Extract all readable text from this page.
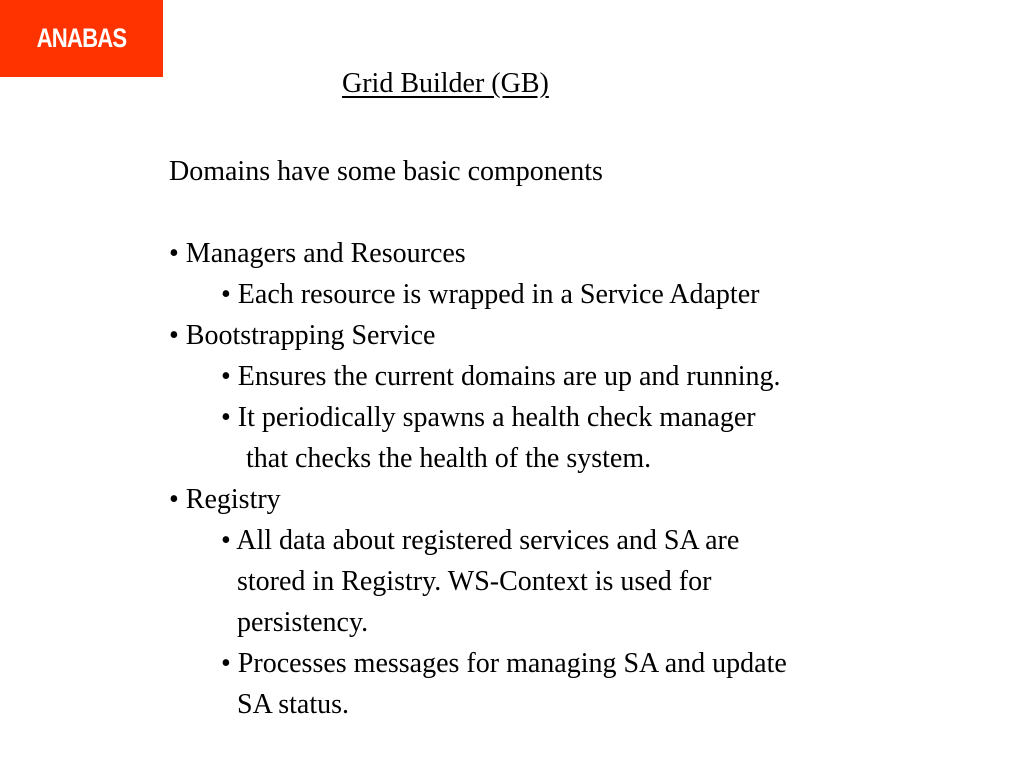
ANABAS
Grid Builder (GB)
Domains have some basic components
• Managers and Resources
• Each resource is wrapped in a Service Adapter
• Bootstrapping Service
• Ensures the current domains are up and running.
• It periodically spawns a health check manager
that checks the health of the system.
• Registry
• All data about registered services and SA are
stored in Registry. WS-Context is used for
persistency.
• Processes messages for managing SA and update
SA status.
